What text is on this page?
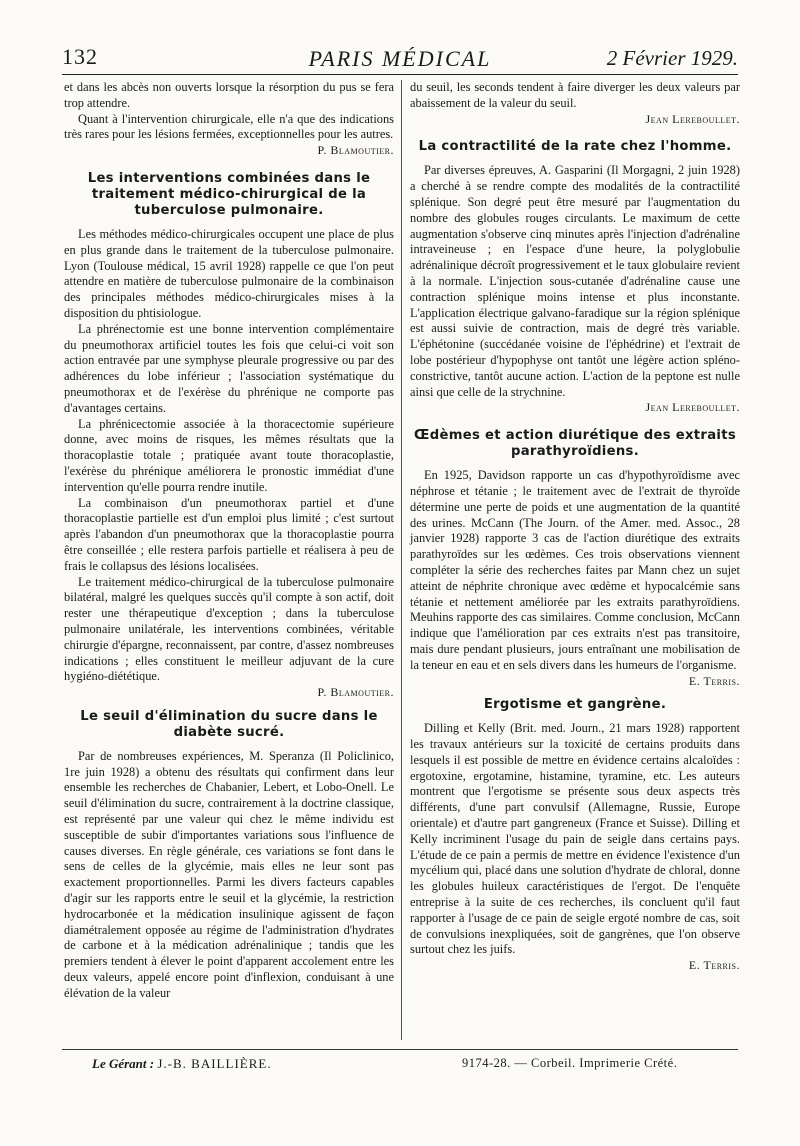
132	PARIS MÉDICAL	2 Février 1929.

et dans les abcès non ouverts lorsque la résorption du pus se fera trop attendre.

Quant à l'intervention chirurgicale, elle n'a que des indications très rares pour les lésions fermées, exceptionnelles pour les autres.

P. Blamoutier.
Les interventions combinées dans le traitement médico-chirurgical de la tuberculose pulmonaire.

Les méthodes médico-chirurgicales occupent une place de plus en plus grande dans le traitement de la tuberculose pulmonaire. Lyon (Toulouse médical, 15 avril 1928) rappelle ce que l'on peut attendre en matière de tuberculose pulmonaire de la combinaison des principales méthodes médico-chirurgicales mises à la disposition du phtisiologue.

La phrénectomie est une bonne intervention complémentaire du pneumothorax artificiel toutes les fois que celui-ci voit son action entravée par une symphyse pleurale progressive ou par des adhérences du lobe inférieur ; l'association systématique du pneumothorax et de l'exérèse du phrénique ne comporte pas d'avantages certains.

La phrénicectomie associée à la thoracectomie supérieure donne, avec moins de risques, les mêmes résultats que la thoracoplastie totale ; pratiquée avant toute thoracoplastie, l'exérèse du phrénique améliorera le pronostic immédiat d'une intervention qu'elle pourra rendre inutile.

La combinaison d'un pneumothorax partiel et d'une thoracoplastie partielle est d'un emploi plus limité ; c'est surtout après l'abandon d'un pneumothorax que la thoracoplastie pourra être conseillée ; elle restera parfois partielle et réalisera à peu de frais le collapsus des lésions localisées.

Le traitement médico-chirurgical de la tuberculose pulmonaire bilatéral, malgré les quelques succès qu'il compte à son actif, doit rester une thérapeutique d'exception ; dans la tuberculose pulmonaire unilatérale, les interventions combinées, véritable chirurgie d'épargne, reconnaissent, par contre, d'assez nombreuses indications ; elles constituent le meilleur adjuvant de la cure hygiéno-diététique.

P. Blamoutier.
Le seuil d'élimination du sucre dans le diabète sucré.

Par de nombreuses expériences, M. Speranza (Il Policlinico, 1re juin 1928) a obtenu des résultats qui confirment dans leur ensemble les recherches de Chabanier, Lebert, et Lobo-Onell. Le seuil d'élimination du sucre, contrairement à la doctrine classique, est représenté par une valeur qui chez le même individu est susceptible de subir d'importantes variations sous l'influence de causes diverses. En règle générale, ces variations se font dans le sens de celles de la glycémie, mais elles ne leur sont pas exactement proportionnelles. Parmi les divers facteurs capables d'agir sur les rapports entre le seuil et la glycémie, la restriction hydrocarbonée et la médication insulinique agissent de façon diamétralement opposée au régime de l'administration d'hydrates de carbone et à la médication adrénalinique ; tandis que les premiers tendent à élever le point d'apparent accolement entre les deux valeurs, appelé encore point d'inflexion, conduisant à une élévation de la valeur

du seuil, les seconds tendent à faire diverger les deux valeurs par abaissement de la valeur du seuil.

Jean Lereboullet.
La contractilité de la rate chez l'homme.

Par diverses épreuves, A. Gasparini (Il Morgagni, 2 juin 1928) a cherché à se rendre compte des modalités de la contractilité splénique. Son degré peut être mesuré par l'augmentation du nombre des globules rouges circulants. Le maximum de cette augmentation s'observe cinq minutes après l'injection d'adrénaline intraveineuse ; en l'espace d'une heure, la polyglobulie adrénalinique décroît progressivement et le taux globulaire revient à la normale. L'injection sous-cutanée d'adrénaline cause une contraction splénique moins intense et plus inconstante. L'application électrique galvano-faradique sur la région splénique est aussi suivie de contraction, mais de degré très variable. L'éphétonine (succédanée voisine de l'éphédrine) et l'extrait de lobe postérieur d'hypophyse ont tantôt une légère action spléno-constrictive, tantôt aucune action. L'action de la peptone est nulle ainsi que celle de la strychnine.

Jean Lereboullet.
Œdèmes et action diurétique des extraits parathyroïdiens.

En 1925, Davidson rapporte un cas d'hypothyroïdisme avec néphrose et tétanie ; le traitement avec de l'extrait de thyroïde détermine une perte de poids et une augmentation de la quantité des urines. McCann (The Journ. of the Amer. med. Assoc., 28 janvier 1928) rapporte 3 cas de l'action diurétique des extraits parathyroïdes sur les œdèmes. Ces trois observations viennent compléter la série des recherches faites par Mann chez un sujet atteint de néphrite chronique avec œdème et hypocalcémie sans tétanie et nettement améliorée par les extraits parathyroïdiens. Meuhins rapporte des cas similaires. Comme conclusion, McCann indique que l'amélioration par ces extraits n'est pas transitoire, mais dure pendant plusieurs, jours entraînant une mobilisation de la teneur en eau et en sels divers dans les humeurs de l'organisme.

E. Terris.
Ergotisme et gangrène.

Dilling et Kelly (Brit. med. Journ., 21 mars 1928) rapportent les travaux antérieurs sur la toxicité de certains produits dans lesquels il est possible de mettre en évidence certains alcaloïdes : ergotoxine, ergotamine, histamine, tyramine, etc. Les auteurs montrent que l'ergotisme se présente sous deux aspects très différents, d'une part convulsif (Allemagne, Russie, Europe orientale) et d'autre part gangreneux (France et Suisse). Dilling et Kelly incriminent l'usage du pain de seigle dans certains pays. L'étude de ce pain a permis de mettre en évidence l'existence d'un mycélium qui, placé dans une solution d'hydrate de chloral, donne les globules huileux caractéristiques de l'ergot. De l'enquête entreprise à la suite de ces recherches, ils concluent qu'il faut rapporter à l'usage de ce pain de seigle ergoté nombre de cas, soit de convulsions inexpliquées, soit de gangrènes, que l'on observe surtout chez les juifs.

E. Terris.
Le Gérant : J.-B. BAILLIÈRE.	9174-28. — Corbeil. Imprimerie Crété.
